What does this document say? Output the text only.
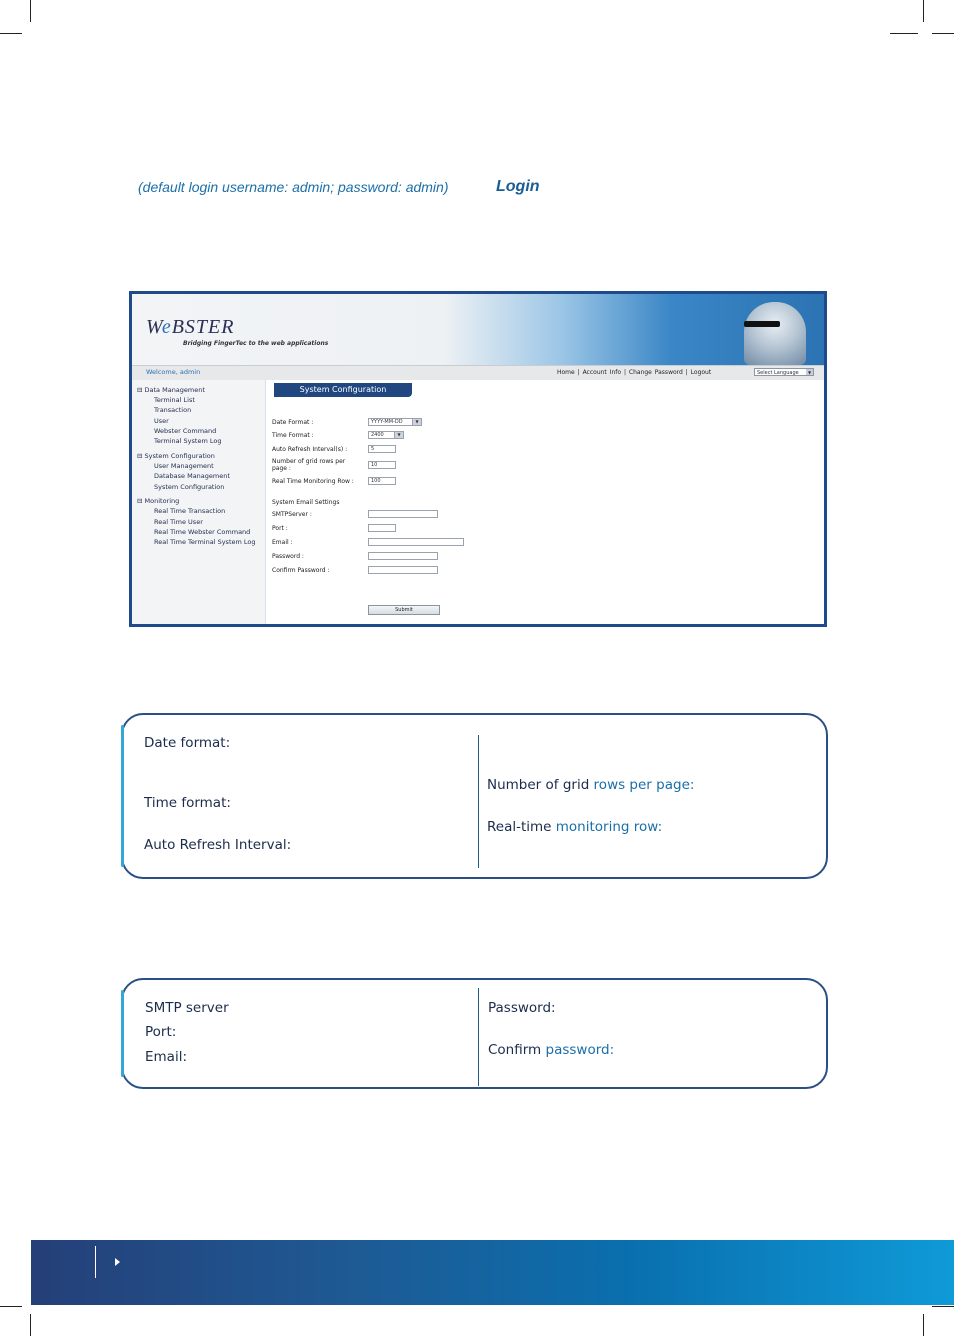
(default login username: admin; password: admin)	Login
WeBSTER
Bridging FingerTec to the web applications
Welcome, admin	Home | Account Info | Change Password | Logout	Select Language	▼
⊟ Data Management
Terminal List
Transaction
User
Webster Command
Terminal System Log
⊟ System Configuration
User Management
Database Management
System Configuration
⊟ Monitoring
Real Time Transaction
Real Time User
Real Time Webster Command
Real Time Terminal System Log
System Configuration
Date Format :	YYYY-MM-DD	▼
Time Format :	2400	▼
Auto Refresh Interval(s) :	5
Number of grid rows per
page :	10
Real Time Monitoring Row :	100
System Email Settings
SMTPServer :
Port :
Email :
Password :
Confirm Password :
Submit
Date format:
Time format:
Auto Refresh Interval:
Number of grid rows per page:
Real-time monitoring row:
SMTP server
Port:
Email:
Password:
Confirm password:
